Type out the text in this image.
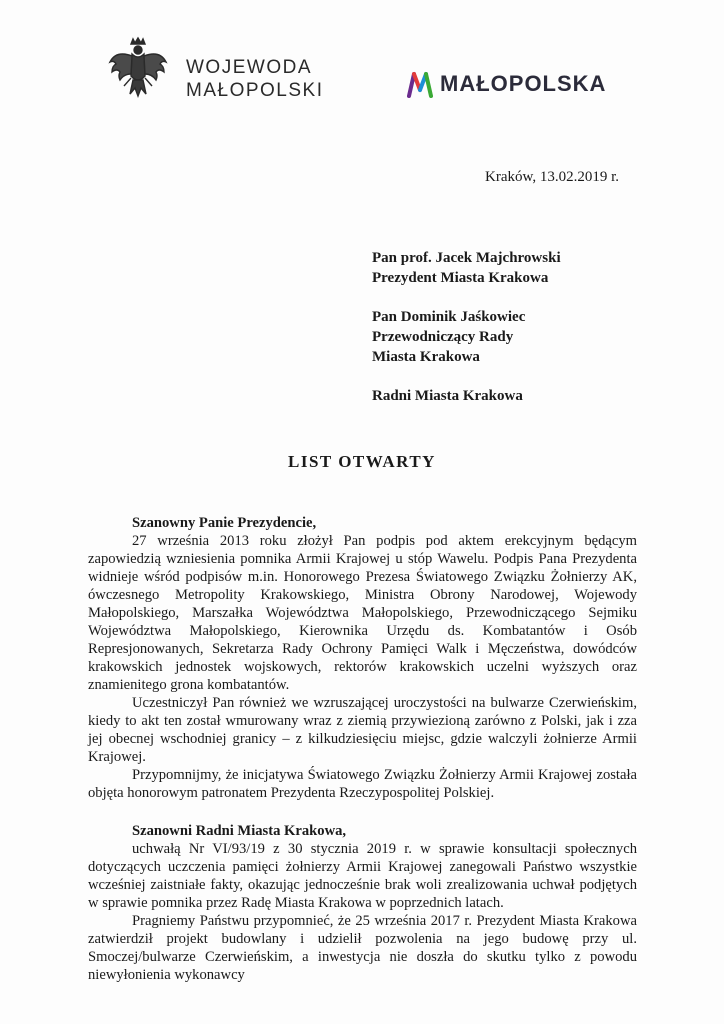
WOJEWODA
MAŁOPOLSKI	MAŁOPOLSKA
Kraków, 13.02.2019 r.
Pan prof. Jacek Majchrowski
Prezydent Miasta Krakowa
Pan Dominik Jaśkowiec
Przewodniczący Rady
Miasta Krakowa
Radni Miasta Krakowa
LIST OTWARTY

Szanowny Panie Prezydencie,

27 września 2013 roku złożył Pan podpis pod aktem erekcyjnym będącym zapowiedzią wzniesienia pomnika Armii Krajowej u stóp Wawelu. Podpis Pana Prezydenta widnieje wśród podpisów m.in. Honorowego Prezesa Światowego Związku Żołnierzy AK, ówczesnego Metropolity Krakowskiego, Ministra Obrony Narodowej, Wojewody Małopolskiego, Marszałka Województwa Małopolskiego, Przewodniczącego Sejmiku Województwa Małopolskiego, Kierownika Urzędu ds. Kombatantów i Osób Represjonowanych, Sekretarza Rady Ochrony Pamięci Walk i Męczeństwa, dowódców krakowskich jednostek wojskowych, rektorów krakowskich uczelni wyższych oraz znamienitego grona kombatantów.

Uczestniczył Pan również we wzruszającej uroczystości na bulwarze Czerwieńskim, kiedy to akt ten został wmurowany wraz z ziemią przywiezioną zarówno z Polski, jak i zza jej obecnej wschodniej granicy – z kilkudziesięciu miejsc, gdzie walczyli żołnierze Armii Krajowej.

Przypomnijmy, że inicjatywa Światowego Związku Żołnierzy Armii Krajowej została objęta honorowym patronatem Prezydenta Rzeczypospolitej Polskiej.

Szanowni Radni Miasta Krakowa,

uchwałą Nr VI/93/19 z 30 stycznia 2019 r. w sprawie konsultacji społecznych dotyczących uczczenia pamięci żołnierzy Armii Krajowej zanegowali Państwo wszystkie wcześniej zaistniałe fakty, okazując jednocześnie brak woli zrealizowania uchwał podjętych w sprawie pomnika przez Radę Miasta Krakowa w poprzednich latach.

Pragniemy Państwu przypomnieć, że 25 września 2017 r. Prezydent Miasta Krakowa zatwierdził projekt budowlany i udzielił pozwolenia na jego budowę przy ul. Smoczej/bulwarze Czerwieńskim, a inwestycja nie doszła do skutku tylko z powodu niewyłonienia wykonawcy
